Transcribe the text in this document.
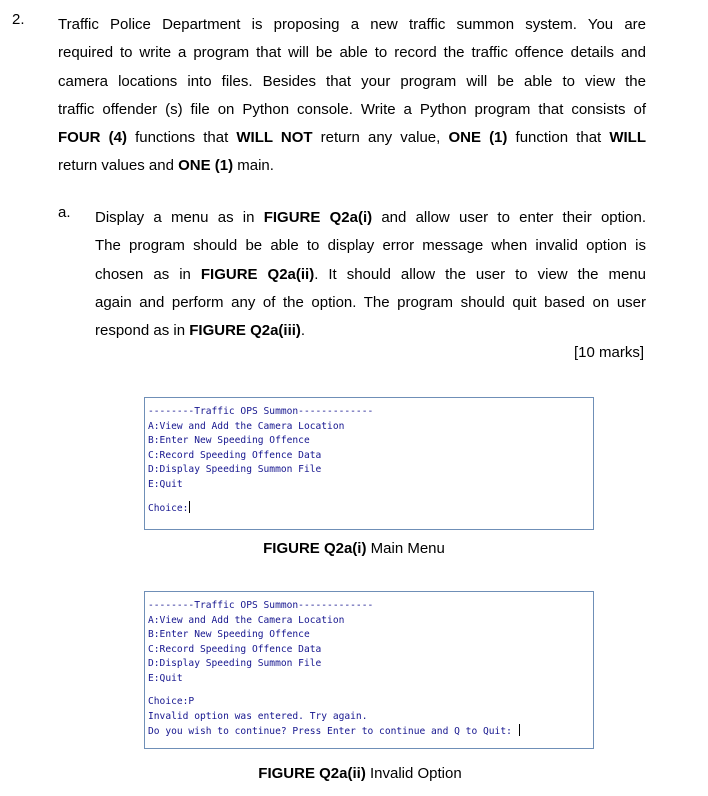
2. Traffic Police Department is proposing a new traffic summon system. You are
required to write a program that will be able to record the traffic offence details and
camera locations into files. Besides that your program will be able to view the
traffic offender (s) file on Python console. Write a Python program that consists of
FOUR (4) functions that WILL NOT return any value, ONE (1) function that WILL
return values and ONE (1) main.
a. Display a menu as in FIGURE Q2a(i) and allow user to enter their option.
The program should be able to display error message when invalid option is
chosen as in FIGURE Q2a(ii). It should allow the user to view the menu
again and perform any of the option. The program should quit based on user
respond as in FIGURE Q2a(iii).
[10 marks]
--------Traffic OPS Summon-------------
A:View and Add the Camera Location
B:Enter New Speeding Offence
C:Record Speeding Offence Data
D:Display Speeding Summon File
E:Quit
Choice:
FIGURE Q2a(i) Main Menu
--------Traffic OPS Summon-------------
A:View and Add the Camera Location
B:Enter New Speeding Offence
C:Record Speeding Offence Data
D:Display Speeding Summon File
E:Quit
Choice:P
Invalid option was entered. Try again.
Do you wish to continue? Press Enter to continue and Q to Quit:
FIGURE Q2a(ii) Invalid Option
